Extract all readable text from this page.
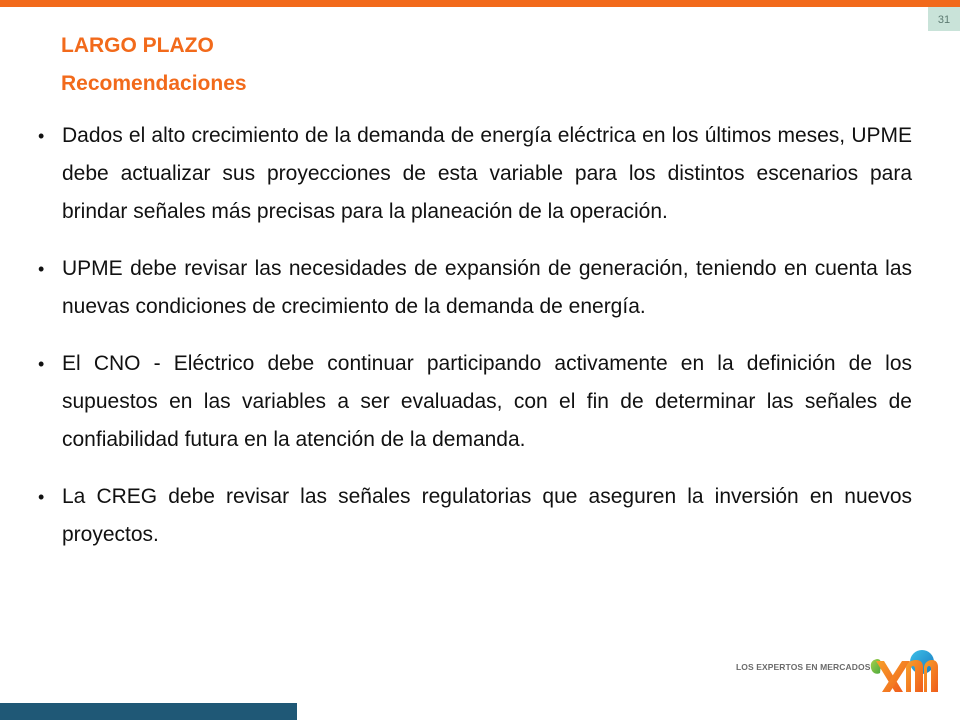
31
LARGO PLAZO
Recomendaciones
• Dados el alto crecimiento de la demanda de energía eléctrica en los últimos meses, UPME debe actualizar sus proyecciones de esta variable para los distintos escenarios para brindar señales más precisas para la planeación de la operación.
• UPME debe revisar las necesidades de expansión de generación, teniendo en cuenta las nuevas condiciones de crecimiento de la demanda de energía.
• El CNO - Eléctrico debe continuar participando activamente en la definición de los supuestos en las variables a ser evaluadas, con el fin de determinar las señales de confiabilidad futura en la atención de la demanda.
• La CREG debe revisar las señales regulatorias que aseguren la inversión en nuevos proyectos.
LOS EXPERTOS EN MERCADOS
